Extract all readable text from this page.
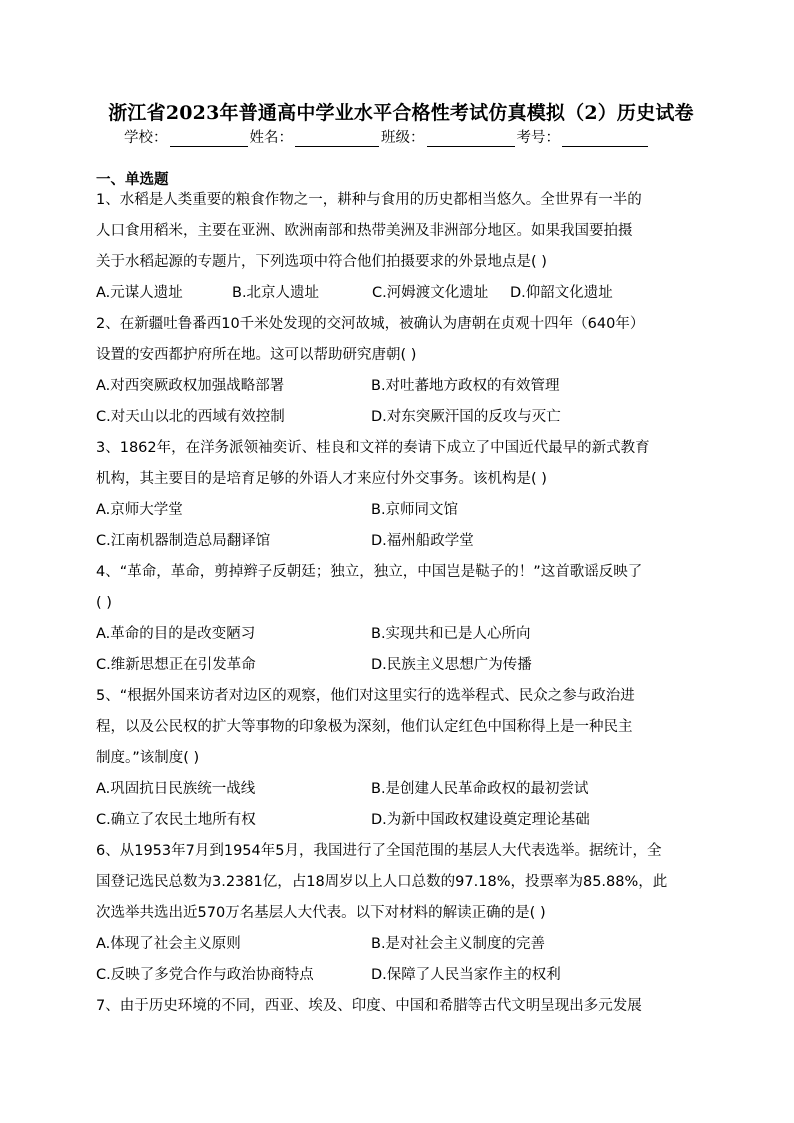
浙江省2023年普通高中学业水平合格性考试仿真模拟（2）历史试卷
学校：	姓名：	班级：	考号：
一、单选题
1、水稻是人类重要的粮食作物之一，耕种与食用的历史都相当悠久。全世界有一半的
人口食用稻米，主要在亚洲、欧洲南部和热带美洲及非洲部分地区。如果我国要拍摄
关于水稻起源的专题片，下列选项中符合他们拍摄要求的外景地点是( )
A.元谋人遗址	B.北京人遗址	C.河姆渡文化遗址	D.仰韶文化遗址
2、在新疆吐鲁番西10千米处发现的交河故城，被确认为唐朝在贞观十四年（640年）
设置的安西都护府所在地。这可以帮助研究唐朝( )
A.对西突厥政权加强战略部署	B.对吐蕃地方政权的有效管理
C.对天山以北的西域有效控制	D.对东突厥汗国的反攻与灭亡
3、1862年，在洋务派领袖奕䜣、桂良和文祥的奏请下成立了中国近代最早的新式教育
机构，其主要目的是培育足够的外语人才来应付外交事务。该机构是( )
A.京师大学堂	B.京师同文馆
C.江南机器制造总局翻译馆	D.福州船政学堂
4、“革命，革命，剪掉辫子反朝廷；独立，独立，中国岂是鞑子的！”这首歌谣反映了
( )
A.革命的目的是改变陋习	B.实现共和已是人心所向
C.维新思想正在引发革命	D.民族主义思想广为传播
5、“根据外国来访者对边区的观察，他们对这里实行的选举程式、民众之参与政治进
程，以及公民权的扩大等事物的印象极为深刻，他们认定红色中国称得上是一种民主
制度。”该制度( )
A.巩固抗日民族统一战线	B.是创建人民革命政权的最初尝试
C.确立了农民土地所有权	D.为新中国政权建设奠定理论基础
6、从1953年7月到1954年5月，我国进行了全国范围的基层人大代表选举。据统计，全
国登记选民总数为3.2381亿，占18周岁以上人口总数的97.18%，投票率为85.88%，此
次选举共选出近570万名基层人大代表。以下对材料的解读正确的是( )
A.体现了社会主义原则	B.是对社会主义制度的完善
C.反映了多党合作与政治协商特点	D.保障了人民当家作主的权利
7、由于历史环境的不同，西亚、埃及、印度、中国和希腊等古代文明呈现出多元发展
